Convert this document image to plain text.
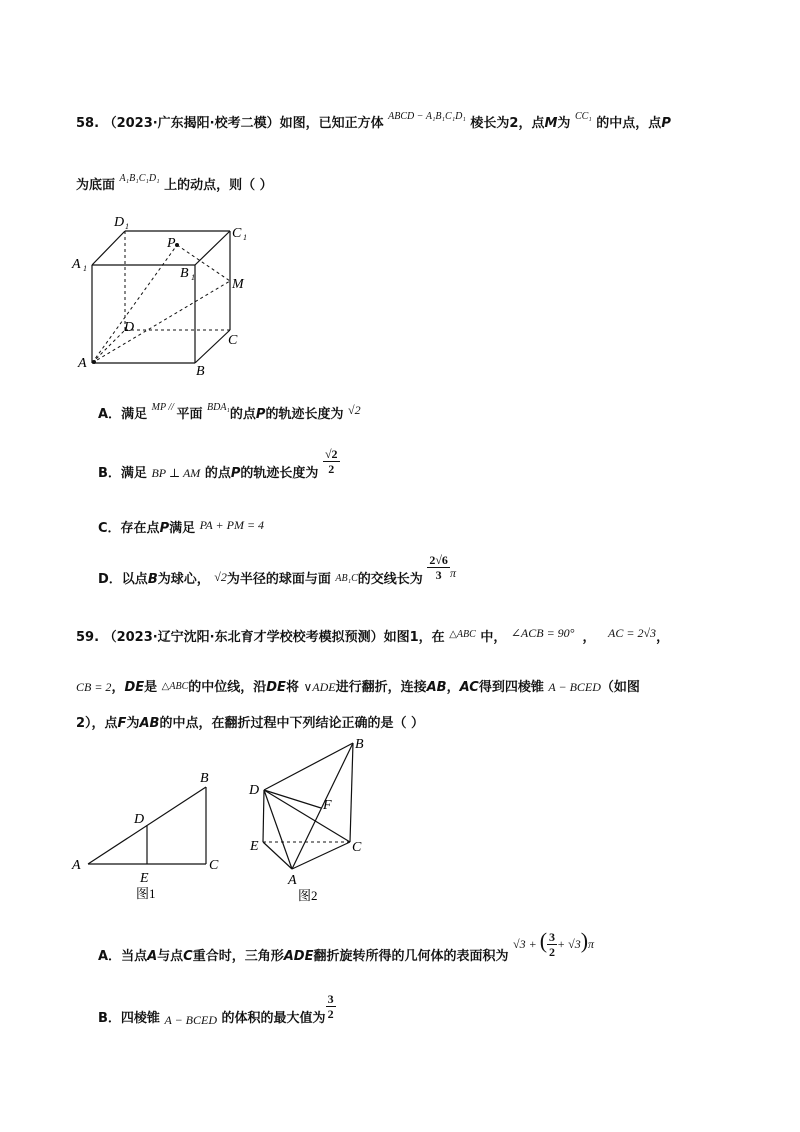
58. （2023·广东揭阳·校考二模）如图，已知正方体 $^{ABCD - A_1B_1C_1D_1}$ 棱长为2，点M为 $^{CC_1}$ 的中点，点P
为底面 $^{A_1B_1C_1D_1}$ 上的动点，则（ ）
D 1	C 1
A 1
P
B 1	M
D
C
A
B
A．满足 $^{MP //}$ 平面 $^{BDA_1}$的点P的轨迹长度为 √2
B．满足 BP ⊥ AM 的点P的轨迹长度为 $\frac{√2}{2}$
C．存在点P满足 PA + PM = 4
D．以点B为球心， √2为半径的球面与面 $_{AB_1C}$的交线长为 $\frac{2√6}{3}$ π
59. （2023·辽宁沈阳·东北育才学校校考模拟预测）如图1，在 $^{\triangle ABC}$ 中， ∠ACB = 90° ， AC = 2√3，
CB = 2，DE是 △ABC的中位线，沿DE将 ∨ADE进行翻折，连接AB，AC得到四棱锥 A − BCED（如图
2），点F为AB的中点，在翻折过程中下列结论正确的是（ ）
A
B
C
D
E
图1
B
D
F
E	C
A
图2
A．当点A与点C重合时，三角形ADE翻折旋转所得的几何体的表面积为 √3 + ( $\frac{3}{2} + √3)\pi$
B．四棱锥 A − BCED 的体积的最大值为 $\frac{3}{2}$
